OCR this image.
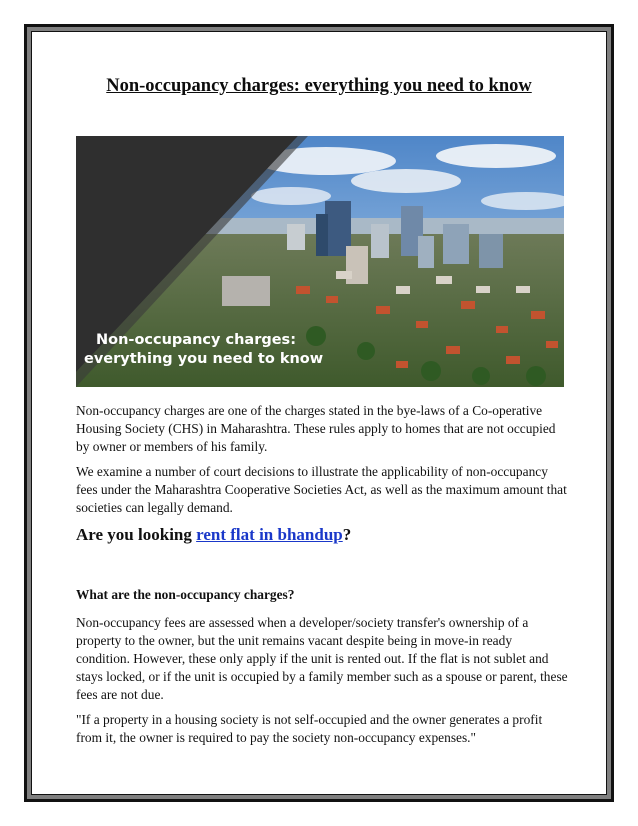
Non-occupancy charges: everything you need to know
Non-occupancy charges:
everything you need to know

Non-occupancy charges are one of the charges stated in the bye-laws of a Co-operative Housing Society (CHS) in Maharashtra. These rules apply to homes that are not occupied by owner or members of his family.

We examine a number of court decisions to illustrate the applicability of non-occupancy fees under the Maharashtra Cooperative Societies Act, as well as the maximum amount that societies can legally demand.

Are you looking rent flat in bhandup?

What are the non-occupancy charges?

Non-occupancy fees are assessed when a developer/society transfer's ownership of a property to the owner, but the unit remains vacant despite being in move-in ready condition. However, these only apply if the unit is rented out. If the flat is not sublet and stays locked, or if the unit is occupied by a family member such as a spouse or parent, these fees are not due.

"If a property in a housing society is not self-occupied and the owner generates a profit from it, the owner is required to pay the society non-occupancy expenses."
